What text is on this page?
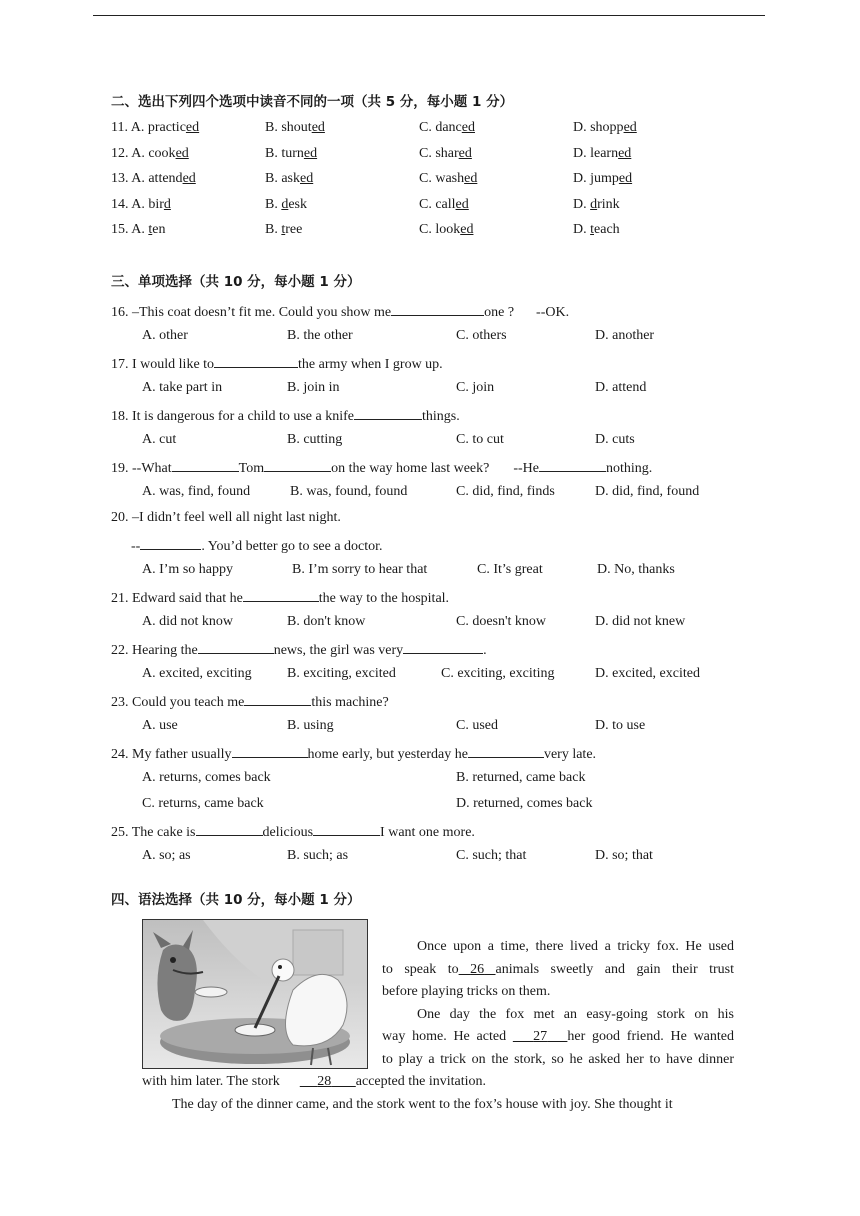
二、选出下列四个选项中读音不同的一项（共 5 分，每小题 1 分）
11. A. practiced	B. shouted	C. danced	D. shopped
12. A. cooked	B. turned	C. shared	D. learned
13. A. attended	B. asked	C. washed	D. jumped
14. A. bird	B. desk	C. called	D. drink
15. A. ten	B. tree	C. looked	D. teach
三、单项选择（共 10 分，每小题 1 分）
16. –This coat doesn’t fit me. Could you show me	one ? --OK.
A. other	B. the other	C. others	D. another
17. I would like to	the army when I grow up.
A. take part in	B. join in	C. join	D. attend
18. It is dangerous for a child to use a knife	things.
A. cut	B. cutting	C. to cut	D. cuts
19. --What	Tom	on the way home last week? --He	nothing.
A. was, find, found	B. was, found, found	C. did, find, finds	D. did, find, found
20. –I didn’t feel well all night last night.
--	. You’d better go to see a doctor.
A. I’m so happy	B. I’m sorry to hear that	C. It’s great	D. No, thanks
21. Edward said that he	the way to the hospital.
A. did not know	B. don't know	C. doesn't know	D. did not knew
22. Hearing the	news, the girl was very	.
A. excited, exciting	B. exciting, excited	C. exciting, exciting	D. excited, excited
23. Could you teach me	this machine?
A. use	B. using	C. used	D. to use
24. My father usually	home early, but yesterday he	very late.
A. returns, comes back	B. returned, came back
C. returns, came back	D. returned, comes back
25. The cake is	delicious	I want one more.
A. so; as	B. such; as	C. such; that	D. so; that
四、语法选择（共 10 分，每小题 1 分）
Once upon a time, there lived a tricky fox. He used
to speak to 26 animals sweetly and gain their trust
before playing tricks on them.
One day the fox met an easy-going stork on his
way home. He acted 27 her good friend. He wanted
to play a trick on the stork, so he asked her to have dinner
with him later. The stork	28 accepted the invitation.
The day of the dinner came, and the stork went to the fox’s house with joy. She thought it
